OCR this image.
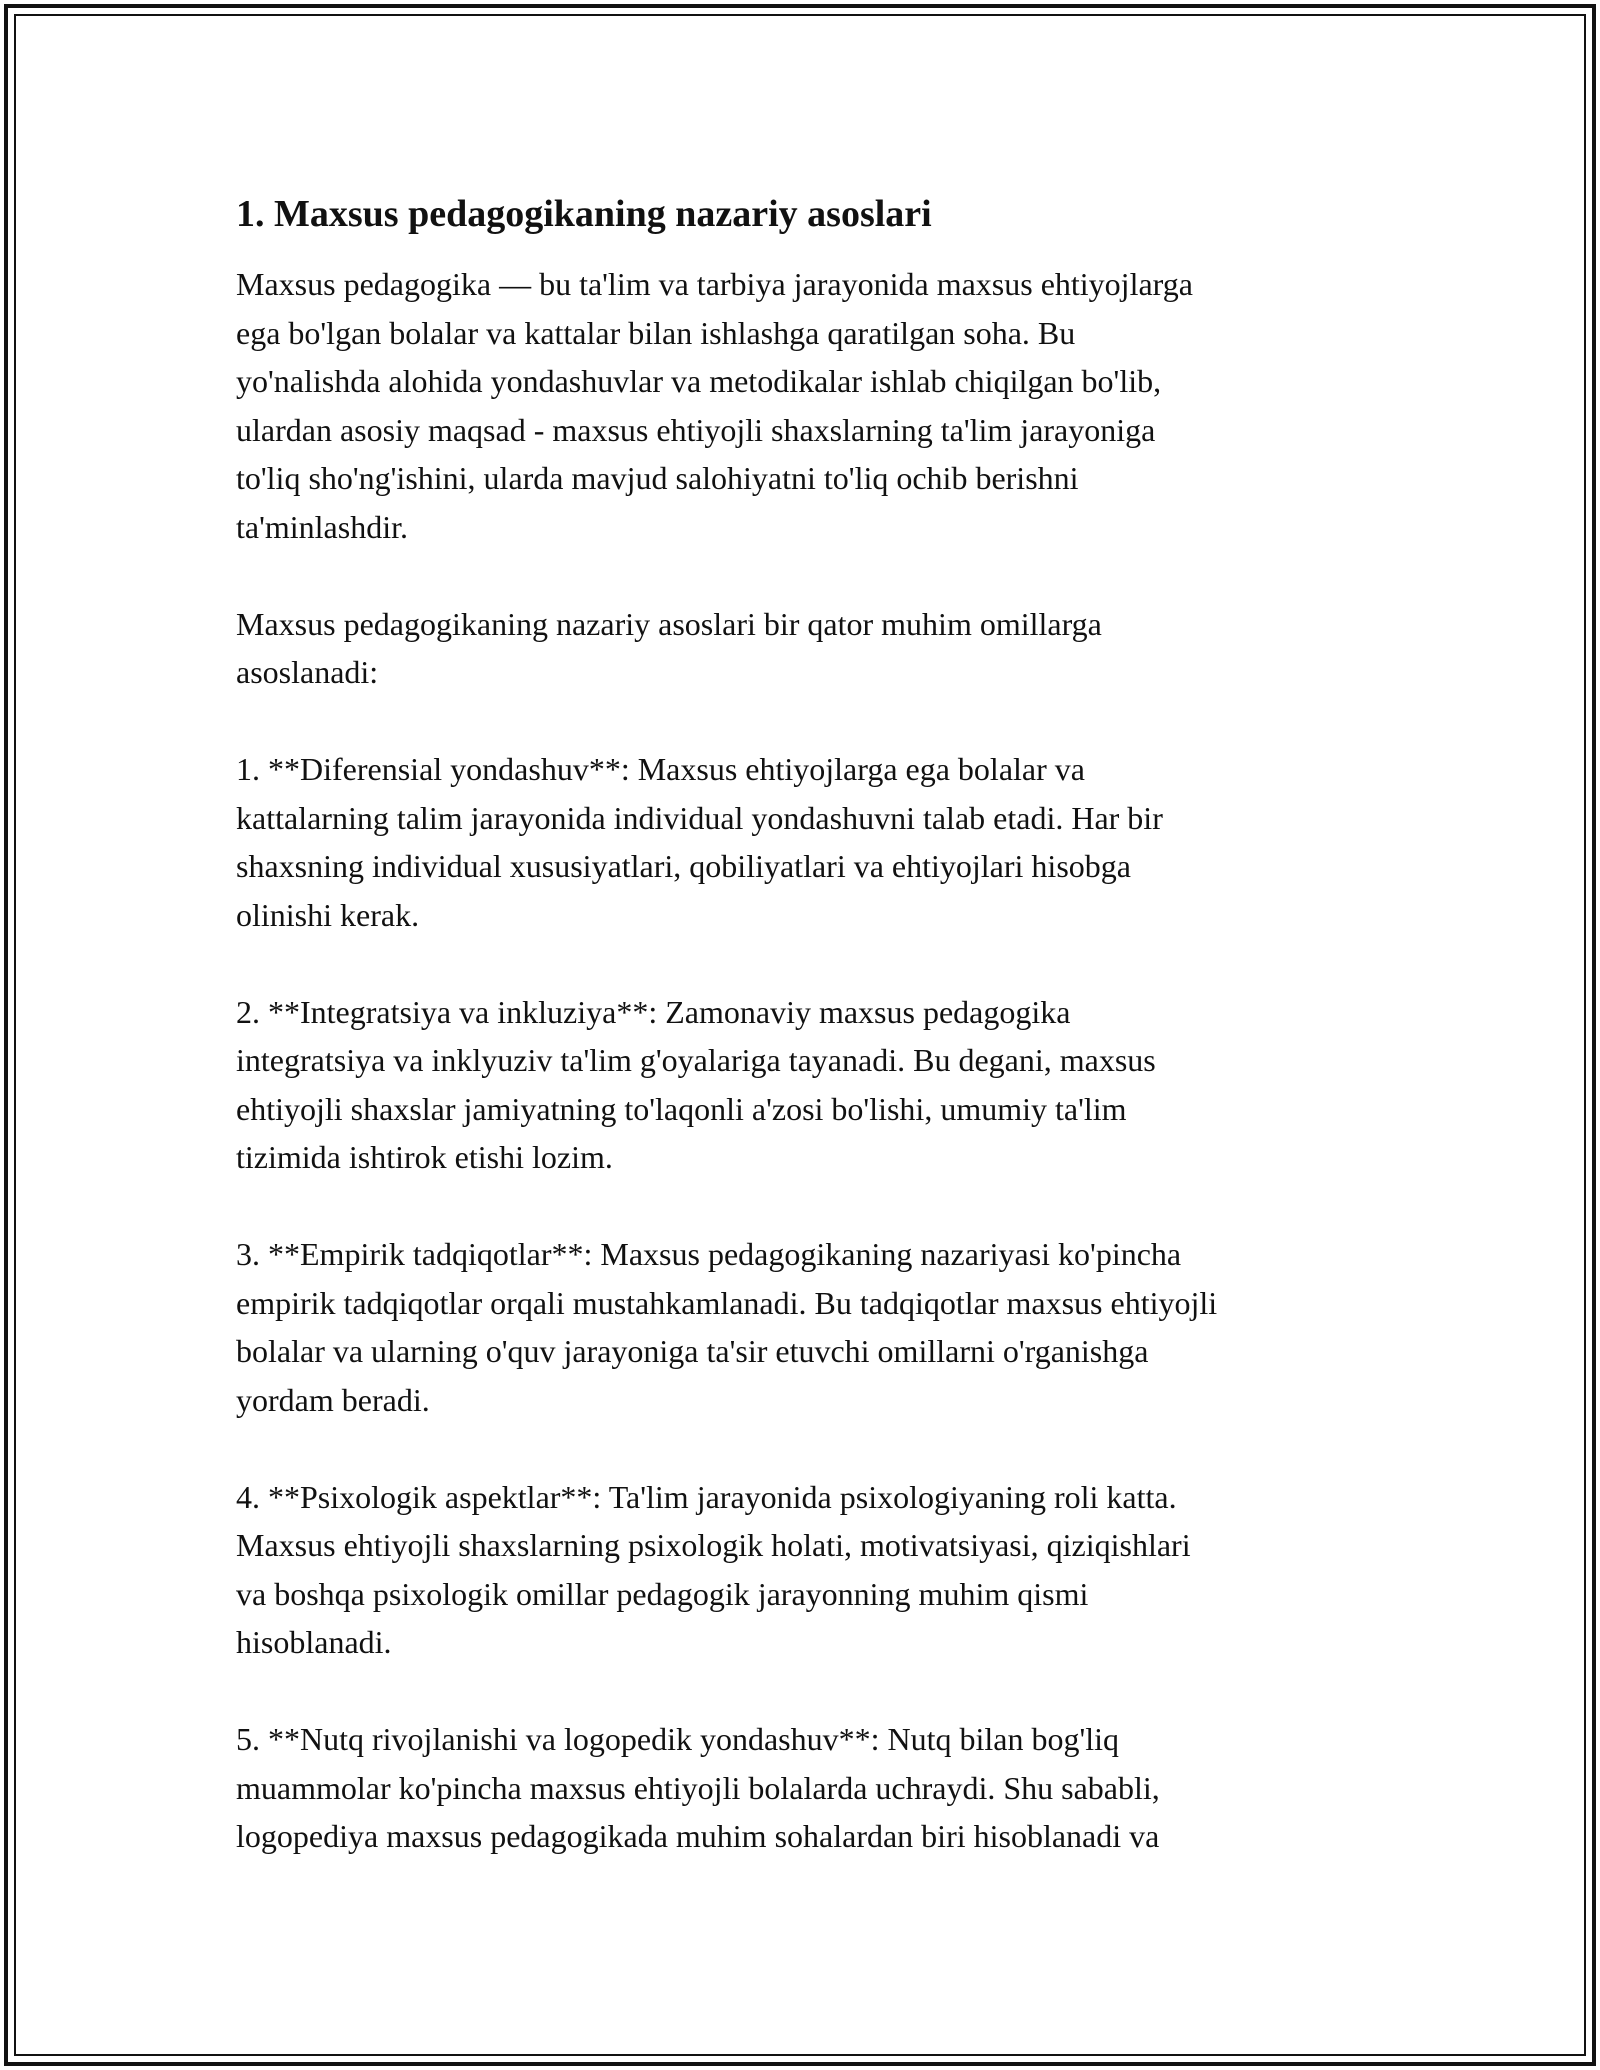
1. Maxsus pedagogikaning nazariy asoslari
Maxsus pedagogika — bu ta'lim va tarbiya jarayonida maxsus ehtiyojlarga
ega bo'lgan bolalar va kattalar bilan ishlashga qaratilgan soha. Bu
yo'nalishda alohida yondashuvlar va metodikalar ishlab chiqilgan bo'lib,
ulardan asosiy maqsad - maxsus ehtiyojli shaxslarning ta'lim jarayoniga
to'liq sho'ng'ishini, ularda mavjud salohiyatni to'liq ochib berishni
ta'minlashdir.
Maxsus pedagogikaning nazariy asoslari bir qator muhim omillarga
asoslanadi:
1. **Diferensial yondashuv**: Maxsus ehtiyojlarga ega bolalar va
kattalarning talim jarayonida individual yondashuvni talab etadi. Har bir
shaxsning individual xususiyatlari, qobiliyatlari va ehtiyojlari hisobga
olinishi kerak.
2. **Integratsiya va inkluziya**: Zamonaviy maxsus pedagogika
integratsiya va inklyuziv ta'lim g'oyalariga tayanadi. Bu degani, maxsus
ehtiyojli shaxslar jamiyatning to'laqonli a'zosi bo'lishi, umumiy ta'lim
tizimida ishtirok etishi lozim.
3. **Empirik tadqiqotlar**: Maxsus pedagogikaning nazariyasi ko'pincha
empirik tadqiqotlar orqali mustahkamlanadi. Bu tadqiqotlar maxsus ehtiyojli
bolalar va ularning o'quv jarayoniga ta'sir etuvchi omillarni o'rganishga
yordam beradi.
4. **Psixologik aspektlar**: Ta'lim jarayonida psixologiyaning roli katta.
Maxsus ehtiyojli shaxslarning psixologik holati, motivatsiyasi, qiziqishlari
va boshqa psixologik omillar pedagogik jarayonning muhim qismi
hisoblanadi.
5. **Nutq rivojlanishi va logopedik yondashuv**: Nutq bilan bog'liq
muammolar ko'pincha maxsus ehtiyojli bolalarda uchraydi. Shu sababli,
logopediya maxsus pedagogikada muhim sohalardan biri hisoblanadi va
